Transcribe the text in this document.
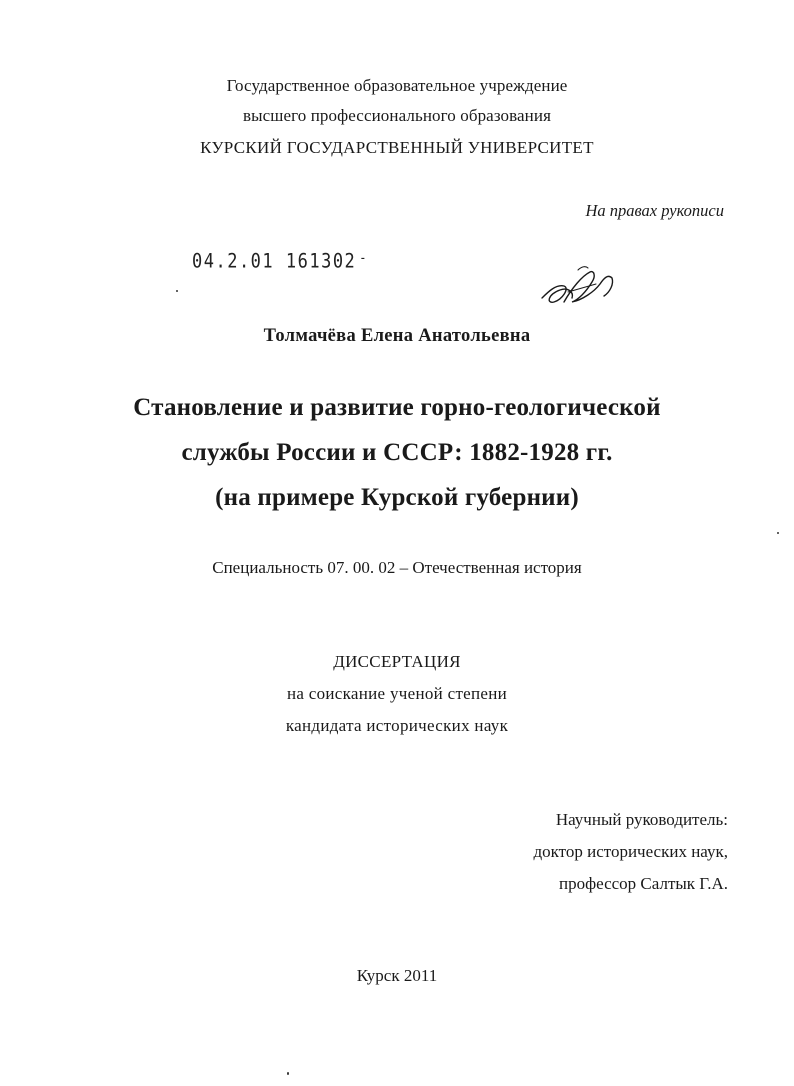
Государственное образовательное учреждение
высшего профессионального образования
КУРСКИЙ ГОСУДАРСТВЕННЫЙ УНИВЕРСИТЕТ
На правах рукописи
04.2.01 161302 -
Толмачёва Елена Анатольевна
Становление и развитие горно-геологической
службы России и СССР: 1882-1928 гг.
(на примере Курской губернии)
Специальность 07. 00. 02 – Отечественная история
ДИССЕРТАЦИЯ
на соискание ученой степени
кандидата исторических наук
Научный руководитель:
доктор исторических наук,
профессор Салтык Г.А.
Курск 2011
